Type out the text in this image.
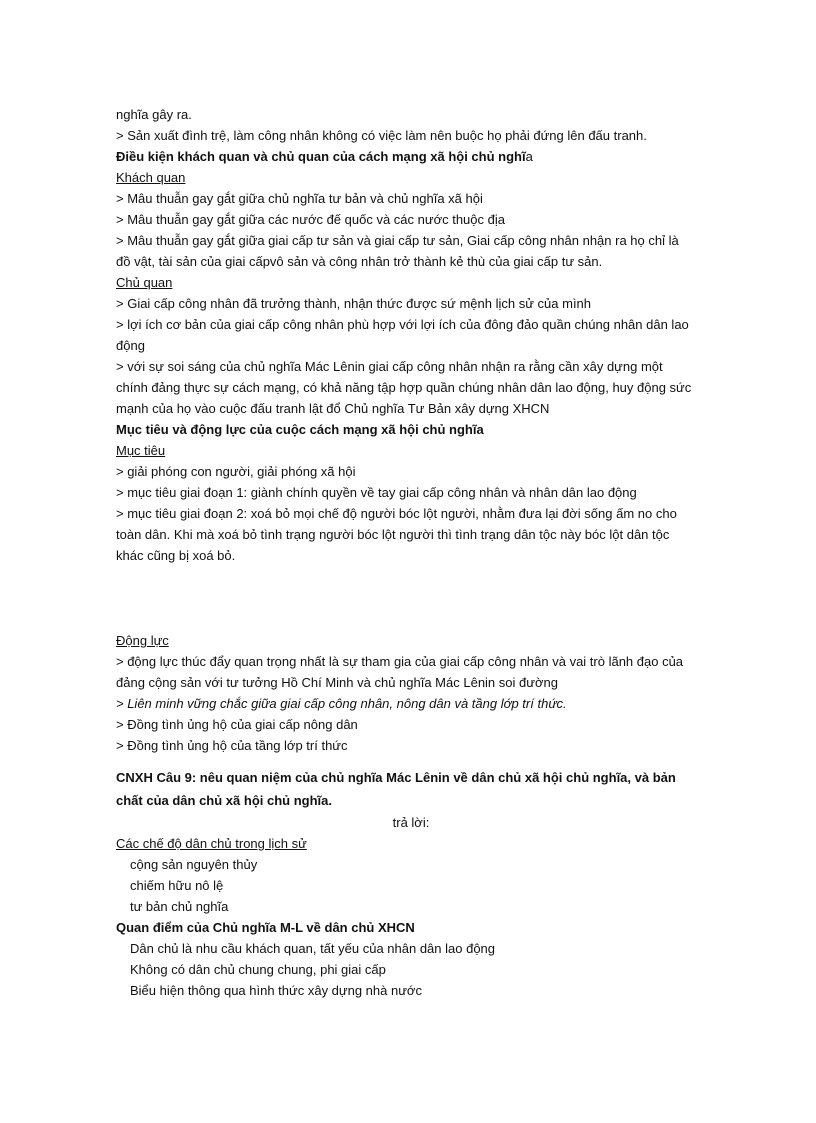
nghĩa gây ra.

> Sản xuất đình trệ, làm công nhân không có việc làm nên buộc họ phải đứng lên đấu tranh.

Điều kiện khách quan và chủ quan của cách mạng xã hội chủ nghĩa

Khách quan

> Mâu thuẫn gay gắt giữa chủ nghĩa tư bản và chủ nghĩa xã hội

> Mâu thuẫn gay gắt giữa các nước đế quốc và các nước thuộc địa

> Mâu thuẫn gay gắt giữa giai cấp tư sản và giai cấp tư sản, Giai cấp công nhân nhận ra họ chỉ là

đồ vật, tài sản của giai cấpvô sản và công nhân trở thành kẻ thù của giai cấp tư sản.

Chủ quan

> Giai cấp công nhân đã trưởng thành, nhận thức được sứ mệnh lịch sử của mình

> lợi ích cơ bản của giai cấp công nhân phù hợp với lợi ích của đông đảo quần chúng nhân dân lao

động

> với sự soi sáng của chủ nghĩa Mác Lênin giai cấp công nhân nhận ra rằng cần xây dựng một

chính đảng thực sự cách mạng, có khả năng tập hợp quần chúng nhân dân lao động, huy động sức

mạnh của họ vào cuộc đấu tranh lật đổ Chủ nghĩa Tư Bản xây dựng XHCN

Mục tiêu và động lực của cuộc cách mạng xã hội chủ nghĩa

Mục tiêu

> giải phóng con người, giải phóng xã hội

> mục tiêu giai đoạn 1: giành chính quyền về tay giai cấp công nhân và nhân dân lao động

> mục tiêu giai đoạn 2: xoá bỏ mọi chế độ người bóc lột người, nhằm đưa lại đời sống ấm no cho

toàn dân. Khi mà xoá bỏ tình trạng người bóc lột người thì tình trạng dân tộc này bóc lột dân tộc

khác cũng bị xoá bỏ.

Động lực

> động lực thúc đẩy quan trọng nhất là sự tham gia của giai cấp công nhân và vai trò lãnh đạo của

đảng cộng sản với tư tưởng Hồ Chí Minh và chủ nghĩa Mác Lênin soi đường

> Liên minh vững chắc giữa giai cấp công nhân, nông dân và tầng lớp trí thức.

> Đồng tình ủng hộ của giai cấp nông dân

> Đồng tình ủng hộ của tầng lớp trí thức

CNXH Câu 9: nêu quan niệm của chủ nghĩa Mác Lênin về dân chủ xã hội chủ nghĩa, và bản

chất của dân chủ xã hội chủ nghĩa.

trả lời:

Các chế độ dân chủ trong lịch sử

cộng sản nguyên thủy

chiếm hữu nô lệ

tư bản chủ nghĩa

Quan điểm của Chủ nghĩa M-L về dân chủ XHCN

Dân chủ là nhu cầu khách quan, tất yếu của nhân dân lao động

Không có dân chủ chung chung, phi giai cấp

Biểu hiện thông qua hình thức xây dựng nhà nước
